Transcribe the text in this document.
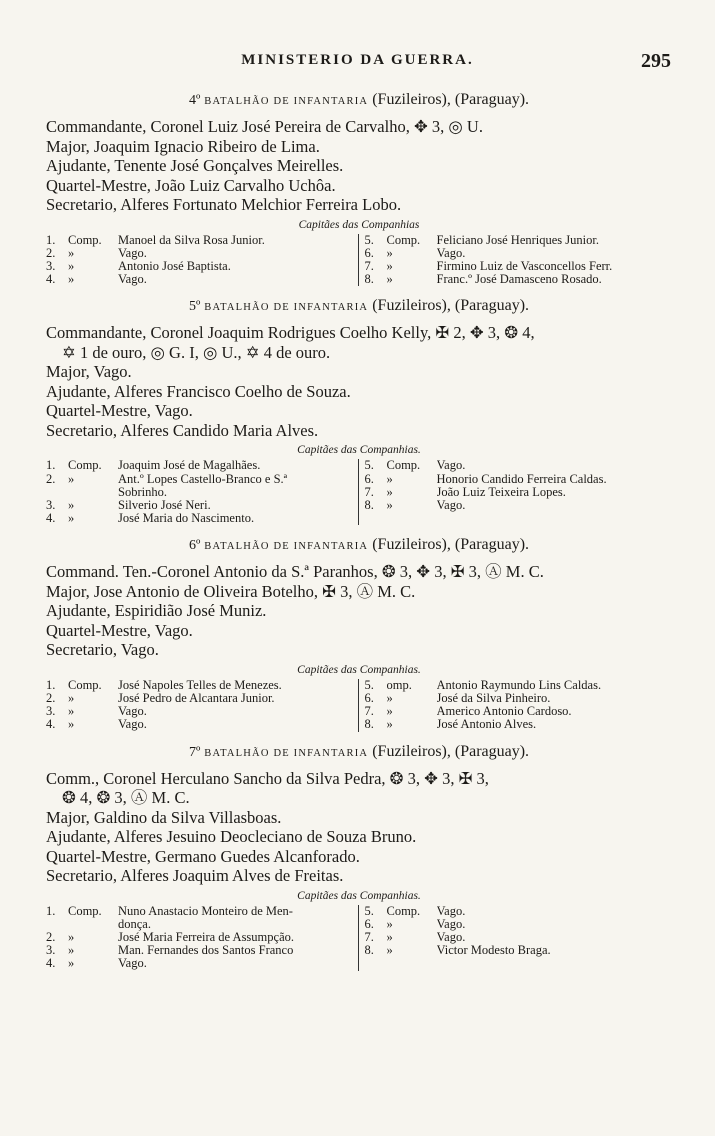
MINISTERIO DA GUERRA.	295
4º BATALHÃO DE INFANTARIA (Fuzileiros), (Paraguay).
Commandante, Coronel Luiz José Pereira de Carvalho, ✥ 3, ◎ U.
Major, Joaquim Ignacio Ribeiro de Lima.
Ajudante, Tenente José Gonçalves Meirelles.
Quartel-Mestre, João Luiz Carvalho Uchôa.
Secretario, Alferes Fortunato Melchior Ferreira Lobo.
Capitães das Companhias
1.	Comp.	Manoel da Silva Rosa Junior.
2.	»	Vago.
3.	»	Antonio José Baptista.
4.	»	Vago.
5.	Comp.	Feliciano José Henriques Junior.
6.	»	Vago.
7.	»	Firmino Luiz de Vasconcellos Ferr.
8.	»	Franc.º José Damasceno Rosado.
5º BATALHÃO DE INFANTARIA (Fuzileiros), (Paraguay).
Commandante, Coronel Joaquim Rodrigues Coelho Kelly, ✠ 2, ✥ 3, ❂ 4,
✡ 1 de ouro, ◎ G. I, ◎ U., ✡ 4 de ouro.
Major, Vago.
Ajudante, Alferes Francisco Coelho de Souza.
Quartel-Mestre, Vago.
Secretario, Alferes Candido Maria Alves.
Capitães das Companhias.
1.	Comp.	Joaquim José de Magalhães.
2.	»	Ant.º Lopes Castello-Branco e S.ª
Sobrinho.
3.	»	Silverio José Neri.
4.	»	José Maria do Nascimento.
5.	Comp.	Vago.
6.	»	Honorio Candido Ferreira Caldas.
7.	»	João Luiz Teixeira Lopes.
8.	»	Vago.
6º BATALHÃO DE INFANTARIA (Fuzileiros), (Paraguay).
Command. Ten.-Coronel Antonio da S.ª Paranhos, ❂ 3, ✥ 3, ✠ 3, Ⓐ M. C.
Major, Jose Antonio de Oliveira Botelho, ✠ 3, Ⓐ M. C.
Ajudante, Espiridião José Muniz.
Quartel-Mestre, Vago.
Secretario, Vago.
Capitães das Companhias.
1.	Comp.	José Napoles Telles de Menezes.
2.	»	José Pedro de Alcantara Junior.
3.	»	Vago.
4.	»	Vago.
5.	omp.	Antonio Raymundo Lins Caldas.
6.	»	José da Silva Pinheiro.
7.	»	Americo Antonio Cardoso.
8.	»	José Antonio Alves.
7º BATALHÃO DE INFANTARIA (Fuzileiros), (Paraguay).
Comm., Coronel Herculano Sancho da Silva Pedra, ❂ 3, ✥ 3, ✠ 3,
❂ 4, ❂ 3, Ⓐ M. C.
Major, Galdino da Silva Villasboas.
Ajudante, Alferes Jesuino Deocleciano de Souza Bruno.
Quartel-Mestre, Germano Guedes Alcanforado.
Secretario, Alferes Joaquim Alves de Freitas.
Capitães das Companhias.
1.	Comp.	Nuno Anastacio Monteiro de Men-
donça.
2.	»	José Maria Ferreira de Assumpção.
3.	»	Man. Fernandes dos Santos Franco
4.	»	Vago.
5.	Comp.	Vago.
6.	»	Vago.
7.	»	Vago.
8.	»	Victor Modesto Braga.
